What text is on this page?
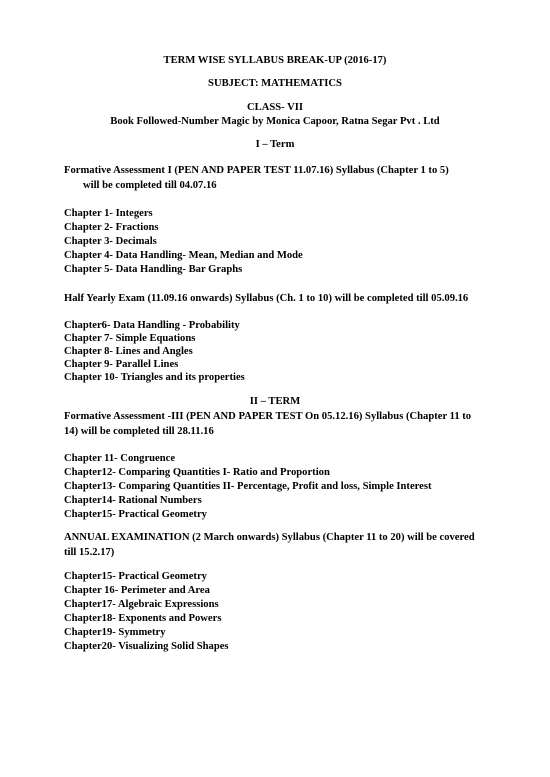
TERM WISE SYLLABUS BREAK-UP (2016-17)
SUBJECT: MATHEMATICS
CLASS- VII
Book Followed-Number Magic by Monica Capoor, Ratna Segar Pvt . Ltd
I – Term
Formative Assessment I (PEN AND PAPER TEST 11.07.16) Syllabus (Chapter 1 to 5)
will be completed till 04.07.16
Chapter 1- Integers
Chapter 2- Fractions
Chapter 3- Decimals
Chapter 4- Data Handling- Mean, Median and Mode
Chapter 5- Data Handling- Bar Graphs
Half Yearly Exam (11.09.16 onwards) Syllabus (Ch. 1 to 10) will be completed till 05.09.16
Chapter6- Data Handling - Probability
Chapter 7- Simple Equations
Chapter 8- Lines and Angles
Chapter 9- Parallel Lines
Chapter 10- Triangles and its properties
II – TERM
Formative Assessment -III (PEN AND PAPER TEST On 05.12.16) Syllabus (Chapter 11 to
14) will be completed till 28.11.16
Chapter 11- Congruence
Chapter12- Comparing Quantities I- Ratio and Proportion
Chapter13- Comparing Quantities II- Percentage, Profit and loss, Simple Interest
Chapter14- Rational Numbers
Chapter15- Practical Geometry
ANNUAL EXAMINATION (2 March onwards) Syllabus (Chapter 11 to 20) will be covered
till 15.2.17)
Chapter15- Practical Geometry
Chapter 16- Perimeter and Area
Chapter17- Algebraic Expressions
Chapter18- Exponents and Powers
Chapter19- Symmetry
Chapter20- Visualizing Solid Shapes
